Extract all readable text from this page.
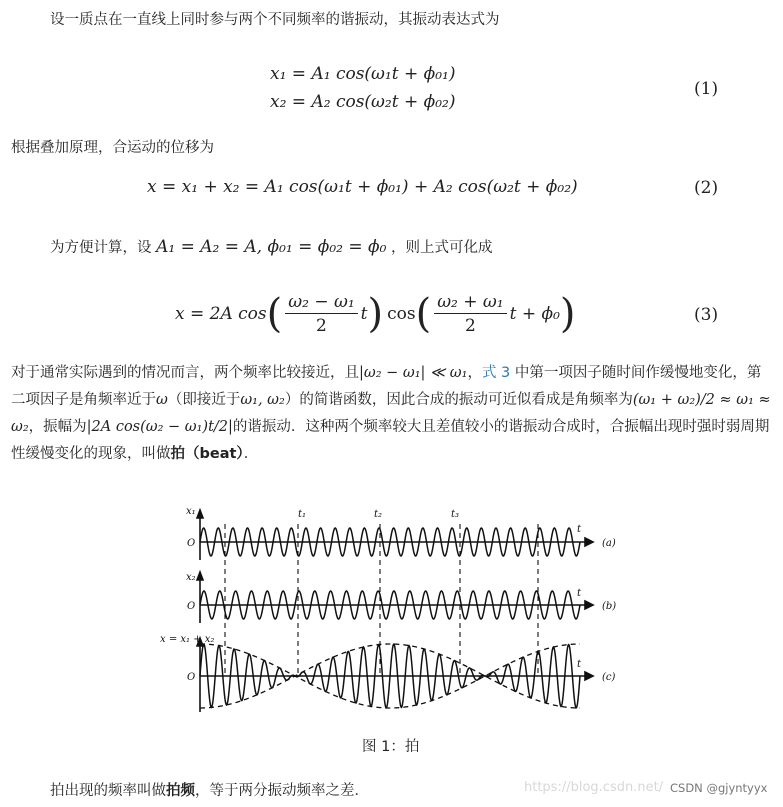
设一质点在一直线上同时参与两个不同频率的谐振动，其振动表达式为
x₁ = A₁ cos(ω₁t + ϕ₀₁)
x₂ = A₂ cos(ω₂t + ϕ₀₂)
(1)
根据叠加原理，合运动的位移为
x = x₁ + x₂ = A₁ cos(ω₁t + ϕ₀₁) + A₂ cos(ω₂t + ϕ₀₂)	(2)
为方便计算，设 A₁ = A₂ = A, ϕ₀₁ = ϕ₀₂ = ϕ₀ ，则上式可化成
x = 2A cos ( $\frac{\text{ω₂ − ω₁}}{2}$ t ) cos ( $\frac{\text{ω₂ + ω₁}}{2}$ t + ϕ₀ )	(3)
对于通常实际遇到的情况而言，两个频率比较接近，且|ω₂ − ω₁| ≪ ω₁，式 3 中第一项因子随时间作缓慢地变化，第二项因子是角频率近于ω（即接近于ω₁, ω₂）的简谐函数，因此合成的振动可近似看成是角频率为(ω₁ + ω₂)/2 ≈ ω₁ ≈ ω₂，振幅为|2A cos(ω₂ − ω₁)t/2|的谐振动．这种两个频率较大且差值较小的谐振动合成时，合振幅出现时强时弱周期性缓慢变化的现象，叫做拍（beat）．
x₁
O
t
t₁	t₂	t₃
(a)
x₂
O
t
(b)
x = x₁ + x₂
O
t
(c)
图 1：拍
拍出现的频率叫做拍频，等于两分振动频率之差．	https://blog.csdn.net/ CSDN @gjyntyyx
